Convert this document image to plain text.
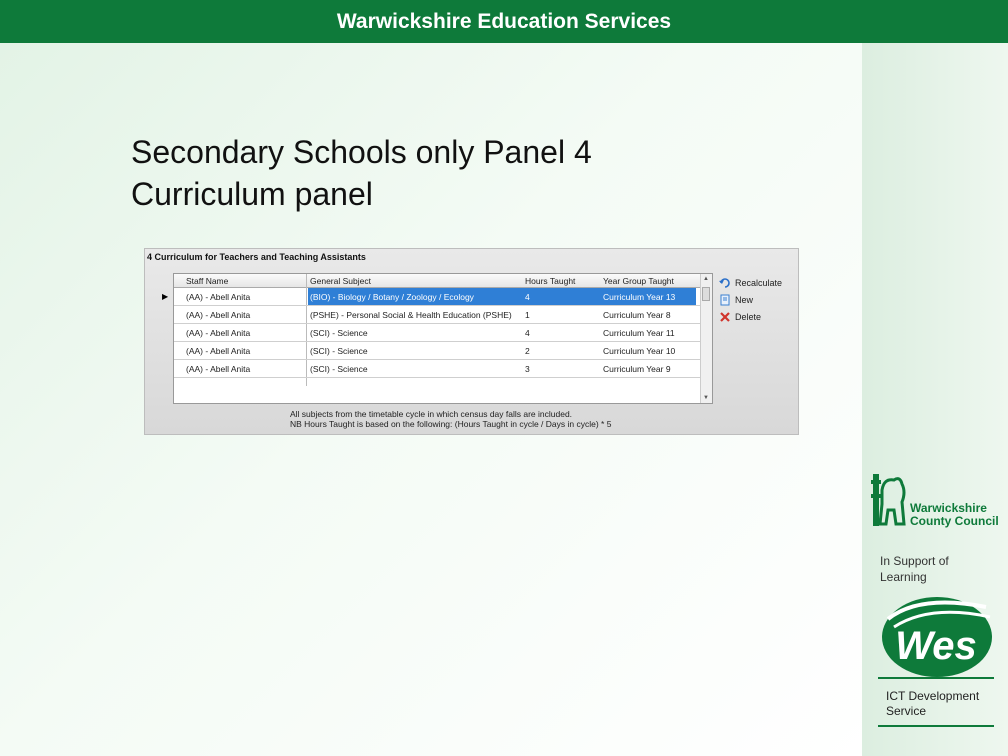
Warwickshire Education Services
Secondary Schools only Panel 4
Curriculum panel
4 Curriculum for Teachers and Teaching Assistants
Staff Name	General Subject	Hours Taught	Year Group Taught
▶ (AA) - Abell Anita	(BIO) - Biology / Botany / Zoology / Ecology	4	Curriculum Year 13
(AA) - Abell Anita	(PSHE) - Personal Social & Health Education (PSHE)	1	Curriculum Year 8
(AA) - Abell Anita	(SCI) - Science	4	Curriculum Year 11
(AA) - Abell Anita	(SCI) - Science	2	Curriculum Year 10
(AA) - Abell Anita	(SCI) - Science	3	Curriculum Year 9
▲
▼
Recalculate
New
Delete
All subjects from the timetable cycle in which census day falls are included.
NB Hours Taught is based on the following: (Hours Taught in cycle / Days in cycle) * 5
Warwickshire
County Council
In Support of
Learning
Wes
ICT Development
Service
